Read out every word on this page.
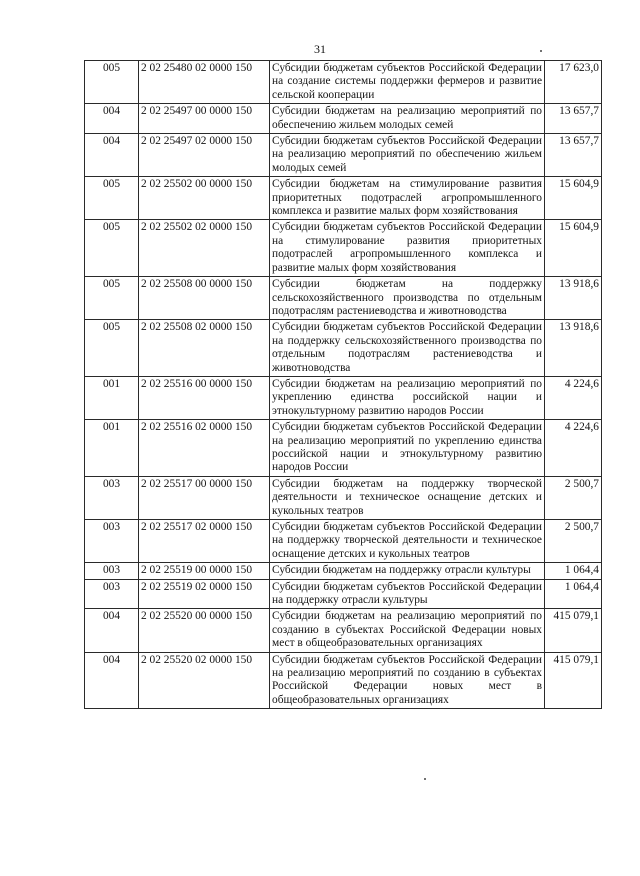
31
005	2 02 25480 02 0000 150	Субсидии бюджетам субъектов Российской Федерации на создание системы поддержки фермеров и развитие сельской кооперации	17 623,0
004	2 02 25497 00 0000 150	Субсидии бюджетам на реализацию мероприятий по обеспечению жильем молодых семей	13 657,7
004	2 02 25497 02 0000 150	Субсидии бюджетам субъектов Российской Федерации на реализацию мероприятий по обеспечению жильем молодых семей	13 657,7
005	2 02 25502 00 0000 150	Субсидии бюджетам на стимулирование развития приоритетных подотраслей агропромышленного комплекса и развитие малых форм хозяйствования	15 604,9
005	2 02 25502 02 0000 150	Субсидии бюджетам субъектов Российской Федерации на стимулирование развития приоритетных подотраслей агропромышленного комплекса и развитие малых форм хозяйствования	15 604,9
005	2 02 25508 00 0000 150	Субсидии бюджетам на поддержку сельскохозяйственного производства по отдельным подотраслям растениеводства и животноводства	13 918,6
005	2 02 25508 02 0000 150	Субсидии бюджетам субъектов Российской Федерации на поддержку сельскохозяйственного производства по отдельным подотраслям растениеводства и животноводства	13 918,6
001	2 02 25516 00 0000 150	Субсидии бюджетам на реализацию мероприятий по укреплению единства российской нации и этнокультурному развитию народов России	4 224,6
001	2 02 25516 02 0000 150	Субсидии бюджетам субъектов Российской Федерации на реализацию мероприятий по укреплению единства российской нации и этнокультурному развитию народов России	4 224,6
003	2 02 25517 00 0000 150	Субсидии бюджетам на поддержку творческой деятельности и техническое оснащение детских и кукольных театров	2 500,7
003	2 02 25517 02 0000 150	Субсидии бюджетам субъектов Российской Федерации на поддержку творческой деятельности и техническое оснащение детских и кукольных театров	2 500,7
003	2 02 25519 00 0000 150	Субсидии бюджетам на поддержку отрасли культуры	1 064,4
003	2 02 25519 02 0000 150	Субсидии бюджетам субъектов Российской Федерации на поддержку отрасли культуры	1 064,4
004	2 02 25520 00 0000 150	Субсидии бюджетам на реализацию мероприятий по созданию в субъектах Российской Федерации новых мест в общеобразовательных организациях	415 079,1
004	2 02 25520 02 0000 150	Субсидии бюджетам субъектов Российской Федерации на реализацию мероприятий по созданию в субъектах Российской Федерации новых мест в общеобразовательных организациях	415 079,1
